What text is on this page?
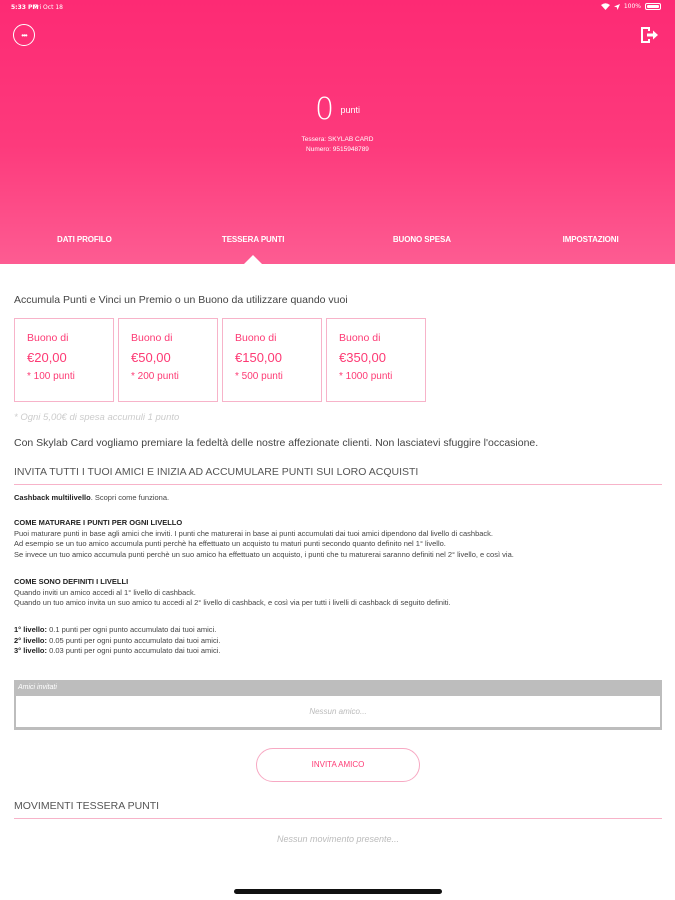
5:33 PM
Fri Oct 18	100%
•••
0 punti
Tessera: SKYLAB CARD
Numero: 9515948789
DATI PROFILO	TESSERA PUNTI	BUONO SPESA	IMPOSTAZIONI
Accumula Punti e Vinci un Premio o un Buono da utilizzare quando vuoi
Buono di
€20,00
* 100 punti
Buono di
€50,00
* 200 punti
Buono di
€150,00
* 500 punti
Buono di
€350,00
* 1000 punti
* Ogni 5,00€ di spesa accumuli 1 punto
Con Skylab Card vogliamo premiare la fedeltà delle nostre affezionate clienti. Non lasciatevi sfuggire l'occasione.
INVITA TUTTI I TUOI AMICI E INIZIA AD ACCUMULARE PUNTI SUI LORO ACQUISTI
Cashback multilivello. Scopri come funziona.
COME MATURARE I PUNTI PER OGNI LIVELLO
Puoi maturare punti in base agli amici che inviti. I punti che maturerai in base ai punti accumulati dai tuoi amici dipendono dal livello di cashback.
Ad esempio se un tuo amico accumula punti perchè ha effettuato un acquisto tu maturi punti secondo quanto definito nel 1° livello.
Se invece un tuo amico accumula punti perchè un suo amico ha effettuato un acquisto, i punti che tu maturerai saranno definiti nel 2° livello, e così via.
COME SONO DEFINITI I LIVELLI
Quando inviti un amico accedi al 1° livello di cashback.
Quando un tuo amico invita un suo amico tu accedi al 2° livello di cashback, e così via per tutti i livelli di cashback di seguito definiti.
1° livello: 0.1 punti per ogni punto accumulato dai tuoi amici.
2° livello: 0.05 punti per ogni punto accumulato dai tuoi amici.
3° livello: 0.03 punti per ogni punto accumulato dai tuoi amici.
Amici invitati
Nessun amico...
INVITA AMICO
MOVIMENTI TESSERA PUNTI
Nessun movimento presente...
